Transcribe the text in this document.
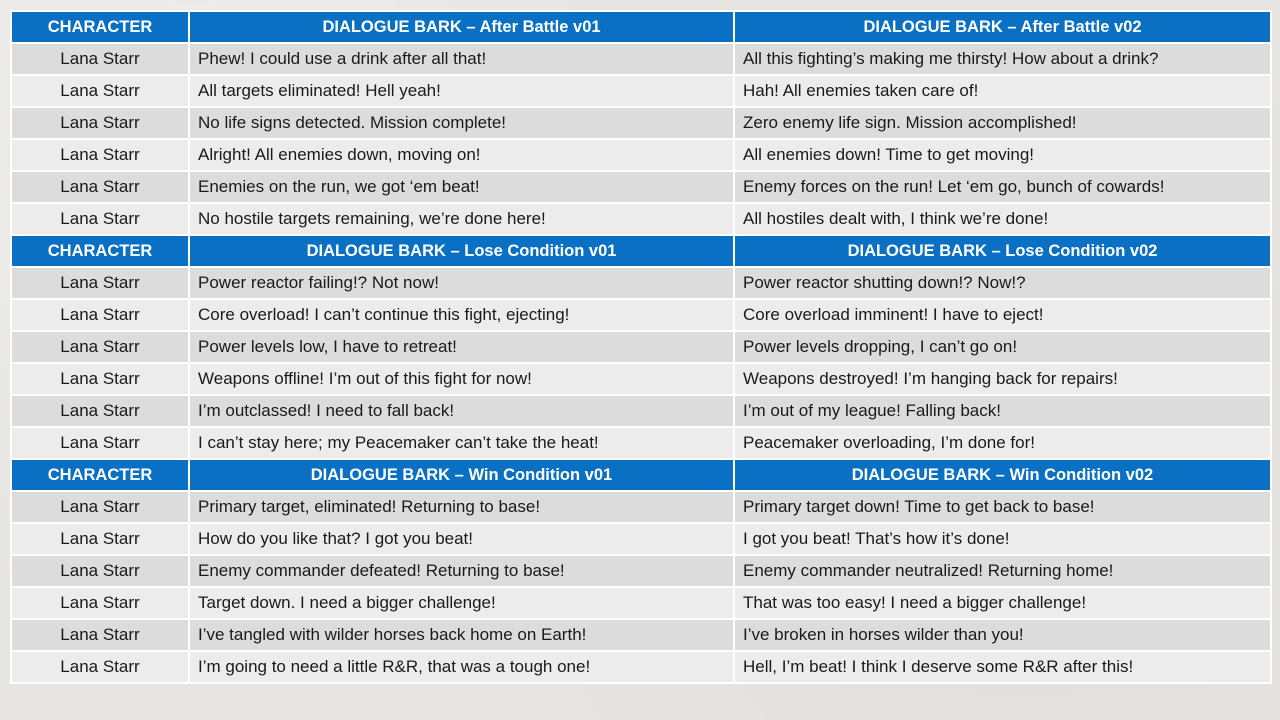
CHARACTER	DIALOGUE BARK – After Battle v01	DIALOGUE BARK – After Battle v02
Lana Starr	Phew! I could use a drink after all that!	All this fighting’s making me thirsty! How about a drink?
Lana Starr	All targets eliminated! Hell yeah!	Hah! All enemies taken care of!
Lana Starr	No life signs detected. Mission complete!	Zero enemy life sign. Mission accomplished!
Lana Starr	Alright! All enemies down, moving on!	All enemies down! Time to get moving!
Lana Starr	Enemies on the run, we got ‘em beat!	Enemy forces on the run! Let ‘em go, bunch of cowards!
Lana Starr	No hostile targets remaining, we’re done here!	All hostiles dealt with, I think we’re done!
CHARACTER	DIALOGUE BARK – Lose Condition v01	DIALOGUE BARK – Lose Condition v02
Lana Starr	Power reactor failing!? Not now!	Power reactor shutting down!? Now!?
Lana Starr	Core overload! I can’t continue this fight, ejecting!	Core overload imminent! I have to eject!
Lana Starr	Power levels low, I have to retreat!	Power levels dropping, I can’t go on!
Lana Starr	Weapons offline! I’m out of this fight for now!	Weapons destroyed! I’m hanging back for repairs!
Lana Starr	I’m outclassed! I need to fall back!	I’m out of my league! Falling back!
Lana Starr	I can’t stay here; my Peacemaker can’t take the heat!	Peacemaker overloading, I’m done for!
CHARACTER	DIALOGUE BARK – Win Condition v01	DIALOGUE BARK – Win Condition v02
Lana Starr	Primary target, eliminated! Returning to base!	Primary target down! Time to get back to base!
Lana Starr	How do you like that? I got you beat!	I got you beat! That’s how it’s done!
Lana Starr	Enemy commander defeated! Returning to base!	Enemy commander neutralized! Returning home!
Lana Starr	Target down. I need a bigger challenge!	That was too easy! I need a bigger challenge!
Lana Starr	I’ve tangled with wilder horses back home on Earth!	I’ve broken in horses wilder than you!
Lana Starr	I’m going to need a little R&R, that was a tough one!	Hell, I’m beat! I think I deserve some R&R after this!
